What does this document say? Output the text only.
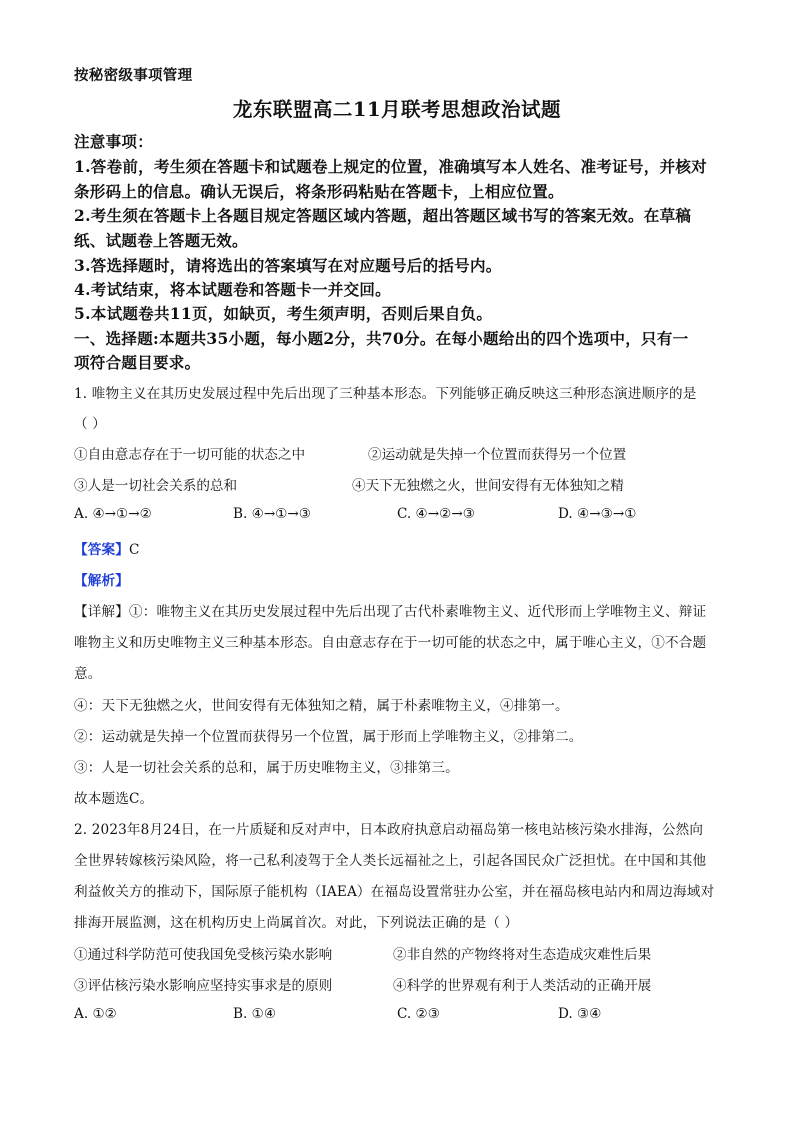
按秘密级事项管理
龙东联盟高二11月联考思想政治试题
注意事项：
1.答卷前，考生须在答题卡和试题卷上规定的位置，准确填写本人姓名、准考证号，并核对
条形码上的信息。确认无误后，将条形码粘贴在答题卡，上相应位置。
2.考生须在答题卡上各题目规定答题区域内答题，超出答题区域书写的答案无效。在草稿
纸、试题卷上答题无效。
3.答选择题时，请将选出的答案填写在对应题号后的括号内。
4.考试结束，将本试题卷和答题卡一并交回。
5.本试题卷共11页，如缺页，考生须声明，否则后果自负。
一、选择题:本题共35小题，每小题2分，共70分。在每小题给出的四个选项中，只有一
项符合题目要求。
1. 唯物主义在其历史发展过程中先后出现了三种基本形态。下列能够正确反映这三种形态演进顺序的是
（ ）
①自由意志存在于一切可能的状态之中	②运动就是失掉一个位置而获得另一个位置
③人是一切社会关系的总和	④天下无独燃之火，世间安得有无体独知之精
A. ④→①→②	B. ④→①→③	C. ④→②→③	D. ④→③→①
【答案】C
【解析】
【详解】①：唯物主义在其历史发展过程中先后出现了古代朴素唯物主义、近代形而上学唯物主义、辩证
唯物主义和历史唯物主义三种基本形态。自由意志存在于一切可能的状态之中，属于唯心主义，①不合题
意。
④：天下无独燃之火，世间安得有无体独知之精，属于朴素唯物主义，④排第一。
②：运动就是失掉一个位置而获得另一个位置，属于形而上学唯物主义，②排第二。
③：人是一切社会关系的总和，属于历史唯物主义，③排第三。
故本题选C。
2. 2023年8月24日，在一片质疑和反对声中，日本政府执意启动福岛第一核电站核污染水排海，公然向
全世界转嫁核污染风险，将一己私利凌驾于全人类长远福祉之上，引起各国民众广泛担忧。在中国和其他
利益攸关方的推动下，国际原子能机构（IAEA）在福岛设置常驻办公室，并在福岛核电站内和周边海域对
排海开展监测，这在机构历史上尚属首次。对此，下列说法正确的是（ ）
①通过科学防范可使我国免受核污染水影响	②非自然的产物终将对生态造成灾难性后果
③评估核污染水影响应坚持实事求是的原则	④科学的世界观有利于人类活动的正确开展
A. ①②	B. ①④	C. ②③	D. ③④
